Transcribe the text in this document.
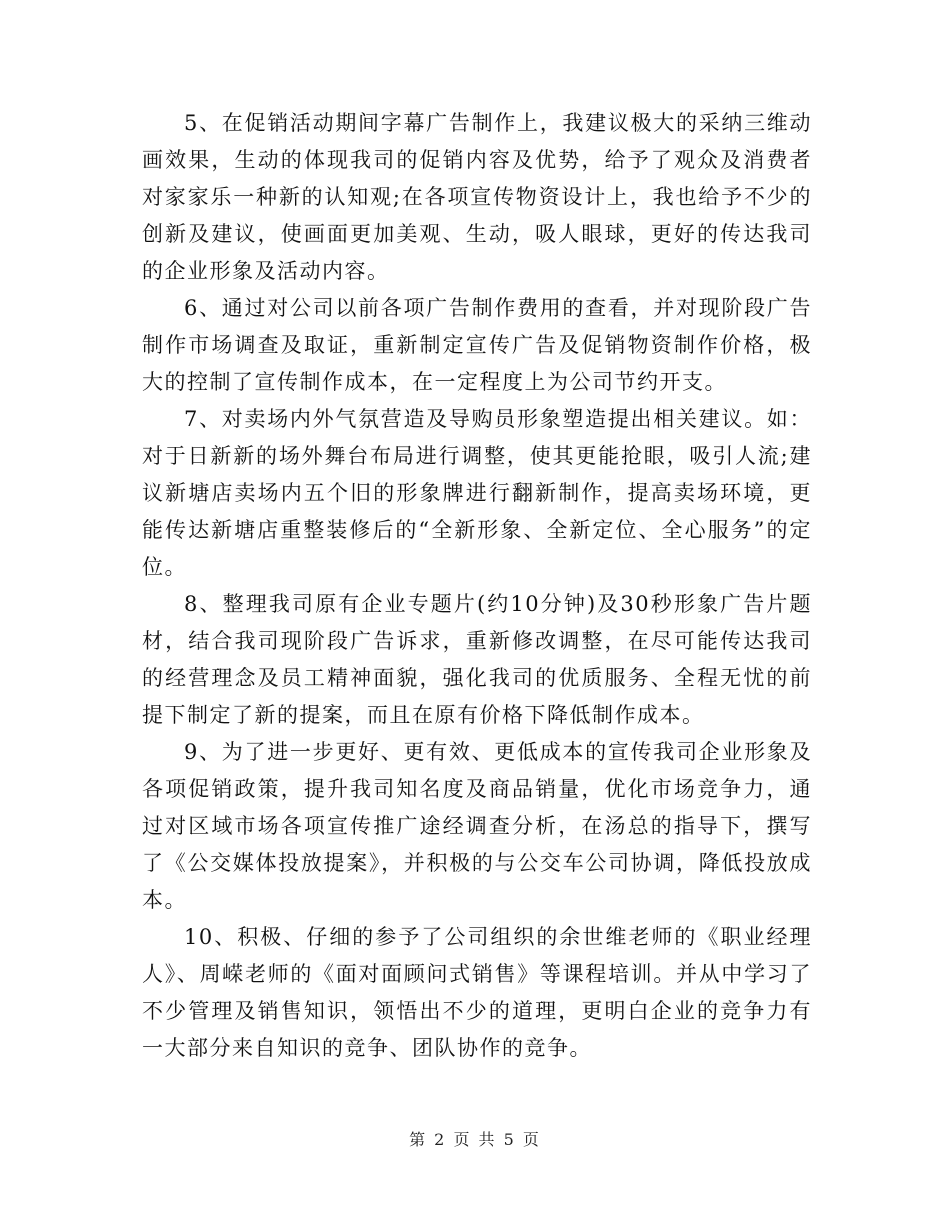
5、在促销活动期间字幕广告制作上，我建议极大的采纳三维动画效果，生动的体现我司的促销内容及优势，给予了观众及消费者对家家乐一种新的认知观;在各项宣传物资设计上，我也给予不少的创新及建议，使画面更加美观、生动，吸人眼球，更好的传达我司的企业形象及活动内容。

6、通过对公司以前各项广告制作费用的查看，并对现阶段广告制作市场调查及取证，重新制定宣传广告及促销物资制作价格，极大的控制了宣传制作成本，在一定程度上为公司节约开支。

7、对卖场内外气氛营造及导购员形象塑造提出相关建议。如：对于日新新的场外舞台布局进行调整，使其更能抢眼，吸引人流;建议新塘店卖场内五个旧的形象牌进行翻新制作，提高卖场环境，更能传达新塘店重整装修后的“全新形象、全新定位、全心服务”的定位。

8、整理我司原有企业专题片(约10分钟)及30秒形象广告片题材，结合我司现阶段广告诉求，重新修改调整，在尽可能传达我司的经营理念及员工精神面貌，强化我司的优质服务、全程无忧的前提下制定了新的提案，而且在原有价格下降低制作成本。

9、为了进一步更好、更有效、更低成本的宣传我司企业形象及各项促销政策，提升我司知名度及商品销量，优化市场竞争力，通过对区域市场各项宣传推广途经调查分析，在汤总的指导下，撰写了《公交媒体投放提案》，并积极的与公交车公司协调，降低投放成本。

10、积极、仔细的参予了公司组织的余世维老师的《职业经理人》、周嵘老师的《面对面顾问式销售》等课程培训。并从中学习了不少管理及销售知识，领悟出不少的道理，更明白企业的竞争力有一大部分来自知识的竞争、团队协作的竞争。

第 2 页 共 5 页
